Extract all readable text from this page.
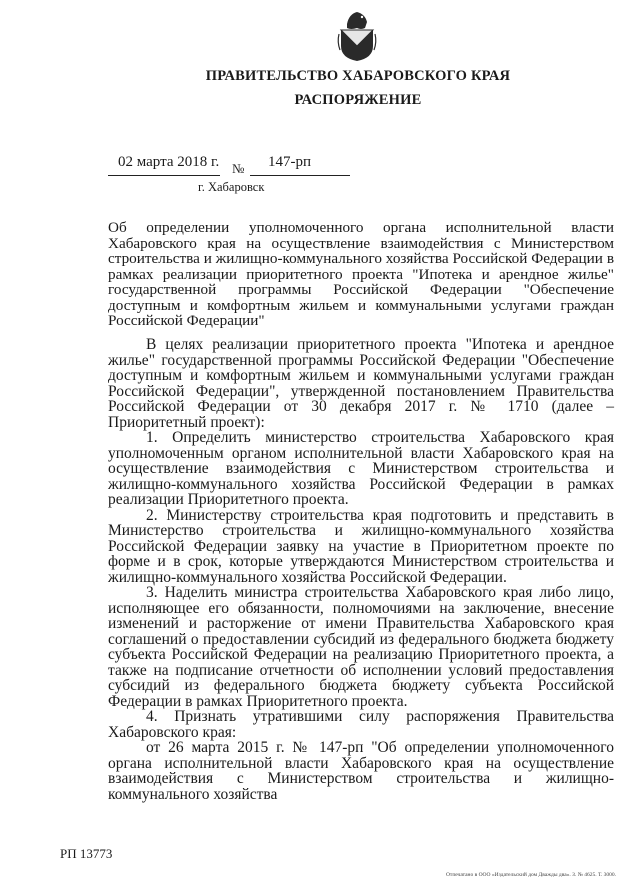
ПРАВИТЕЛЬСТВО ХАБАРОВСКОГО КРАЯ
РАСПОРЯЖЕНИЕ
02 марта 2018 г. № 147-рп
г. Хабаровск
Об определении уполномоченного органа исполнительной власти Хабаровского края на осуществление взаимодействия с Министерством строительства и жилищно-коммунального хозяйства Российской Федерации в рамках реализации приоритетного проекта "Ипотека и арендное жилье" государственной программы Российской Федерации "Обеспечение доступным и комфортным жильем и коммунальными услугами граждан Российской Федерации"

В целях реализации приоритетного проекта "Ипотека и арендное жилье" государственной программы Российской Федерации "Обеспечение доступным и комфортным жильем и коммунальными услугами граждан Российской Федерации", утвержденной постановлением Правительства Российской Федерации от 30 декабря 2017 г. № 1710 (далее – Приоритетный проект):

1. Определить министерство строительства Хабаровского края уполномоченным органом исполнительной власти Хабаровского края на осуществление взаимодействия с Министерством строительства и жилищно-коммунального хозяйства Российской Федерации в рамках реализации Приоритетного проекта.

2. Министерству строительства края подготовить и представить в Министерство строительства и жилищно-коммунального хозяйства Российской Федерации заявку на участие в Приоритетном проекте по форме и в срок, которые утверждаются Министерством строительства и жилищно-коммунального хозяйства Российской Федерации.

3. Наделить министра строительства Хабаровского края либо лицо, исполняющее его обязанности, полномочиями на заключение, внесение изменений и расторжение от имени Правительства Хабаровского края соглашений о предоставлении субсидий из федерального бюджета бюджету субъекта Российской Федерации на реализацию Приоритетного проекта, а также на подписание отчетности об исполнении условий предоставления субсидий из федерального бюджета бюджету субъекта Российской Федерации в рамках Приоритетного проекта.

4. Признать утратившими силу распоряжения Правительства Хабаровского края:

от 26 марта 2015 г. № 147-рп "Об определении уполномоченного органа исполнительной власти Хабаровского края на осуществление взаимодействия с Министерством строительства и жилищно-коммунального хозяйства

РП 13773
Отпечатано в ООО «Издательский дом Дважды два». З. № 4625. Т. 3000.
